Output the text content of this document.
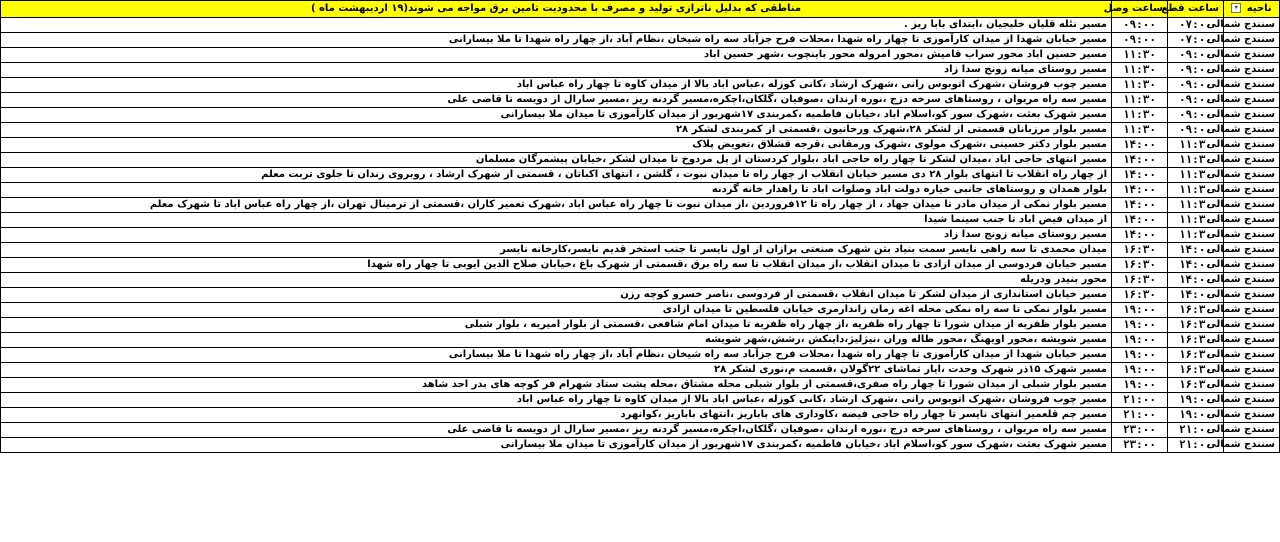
ناحیه ▾	ساعت قطع	ساعت وصل	مناطقی که بدلیل ناترازی تولید و مصرف با محدودیت تامین برق مواجه می شوند(۱۹ اردیبهشت ماه )
سنندج شمالی	۰۷:۰۰	۰۹:۰۰	مسیر نئله قلیان خلیجیان ،ابتدای بابا ریز .
سنندج شمالی	۰۷:۰۰	۰۹:۰۰	مسیر خیابان شهدا از میدان کارآموزی تا چهار راه شهدا ،محلات فرح جزآباد سه راه شیخان ،نظام آباد ،از چهار راه شهدا تا ملا بیسارانی
سنندج شمالی	۰۹:۰۰	۱۱:۳۰	مسیر حسین اباد محور سراب قامیش ،محور امروله محور باینچوب ،شهر حسین اباد
سنندج شمالی	۰۹:۰۰	۱۱:۳۰	مسیر روستای میانه زونج سدا زاد
سنندج شمالی	۰۹:۰۰	۱۱:۳۰	مسیر چوب فروشان ،شهرک اتوبوس رانی ،شهرک ارشاد ،کانی کوزله ،عباس اباد بالا از میدان کاوه تا چهار راه عباس اباد
سنندج شمالی	۰۹:۰۰	۱۱:۳۰	مسیر سه راه مریوان ، روستاهای سرخه دزج ،نوره ارندان ،صوفیان ،گلکان،اچکره،مسیر گردنه ریز ،مسیر سارال از دویسه تا قاضی علی
سنندج شمالی	۰۹:۰۰	۱۱:۳۰	مسیر شهرک بعثت ،شهرک سور کو،اسلام اباد ،خیابان فاطمیه ،کمربندی ۱۷شهریور از میدان کارآموزی تا میدان ملا بیسارانی
سنندج شمالی	۰۹:۰۰	۱۱:۳۰	مسیر بلوار مرزبانان قسمتی از لشکر ۲۸،شهرک ورحانیون ،قسمتی از کمربندی لشکر ۲۸
سنندج شمالی	۱۱:۳۰	۱۴:۰۰	مسیر بلوار دکتر حسینی ،شهرک مولوی ،شهرک ورمقانی ،قرجه قشلاق ،تعویض پلاک
سنندج شمالی	۱۱:۳۰	۱۴:۰۰	مسیر انتهای حاجی اباد ،میدان لشکر تا چهار راه حاجی اباد ،بلوار کردستان از پل مردوخ تا میدان لشکر ،خیابان پیشمرگان مسلمان
سنندج شمالی	۱۱:۳۰	۱۴:۰۰	از چهار راه انقلاب تا انتهای بلوار ۲۸ دی مسیر خیابان انقلاب از چهار راه تا میدان نبوت ، گلشن ، انتهای اکباتان ، قسمتی از شهرک ارشاد ، روبروی زندان تا جلوی تربت معلم
سنندج شمالی	۱۱:۳۰	۱۴:۰۰	بلوار همدان و روستاهای جانبی خیاره دولت اباد وصلوات اباد تا راهدار خانه گردنه
سنندج شمالی	۱۱:۳۰	۱۴:۰۰	مسیر بلوار نمکی از میدان مادر تا میدان جهاد ، از چهار راه تا ۱۲فروردین ،از میدان نبوت تا چهار راه عباس اباد ،شهرک تعمیر کاران ،قسمتی از ترمینال تهران ،از چهار راه عباس اباد تا شهرک معلم
سنندج شمالی	۱۱:۳۰	۱۴:۰۰	از میدان فیض اباد تا جنب سینما شیدا
سنندج شمالی	۱۱:۳۰	۱۴:۰۰	مسیر روستای میانه زونج سدا زاد
سنندج شمالی	۱۴:۰۰	۱۶:۳۰	میدان محمدی تا سه راهی نایسر سمت بنیاد بتن شهرک صنعتی برازان از اول نایسر تا جنب استخر قدیم نایسر،کارخانه نایسر
سنندج شمالی	۱۴:۰۰	۱۶:۳۰	مسیر خیابان فردوسی از میدان ازادی تا میدان انقلاب ،از میدان انقلاب تا سه راه برق ،قسمتی از شهرک باغ ،خیابان صلاح الدین ایوبی تا چهار راه شهدا
سنندج شمالی	۱۴:۰۰	۱۶:۳۰	محور بنیدر ودریله
سنندج شمالی	۱۴:۰۰	۱۶:۳۰	مسیر خیابان استانداری از میدان لشکر تا میدان انقلاب ،قسمتی از فردوسی ،ناصر خسرو کوچه رزن
سنندج شمالی	۱۶:۳۰	۱۹:۰۰	مسیر بلوار نمکی تا سه راه نمکی محله اغه زمان زاندارمری خیابان فلسطین تا میدان ازادی
سنندج شمالی	۱۶:۳۰	۱۹:۰۰	مسیر بلوار ظفریه از میدان شورا تا چهار راه ظفریه ،از چهار راه ظفریه تا میدان امام شافعی ،قسمتی از بلوار امیریه ، بلوار شبلی
سنندج شمالی	۱۶:۳۰	۱۹:۰۰	مسیر شویشه ،محور اویهنگ ،محور طاله وران ،نیژلیژ،داینکش ،رشش،شهر شویشه
سنندج شمالی	۱۶:۳۰	۱۹:۰۰	مسیر خیابان شهدا از میدان کارآموزی تا چهار راه شهدا ،محلات فرح جزآباد سه راه شیخان ،نظام آباد ،از چهار راه شهدا تا ملا بیسارانی
سنندج شمالی	۱۶:۳۰	۱۹:۰۰	مسیر شهرک ۱۵ذر شهرک وحدت ،ایار تماشای ۲۲گولان ،قسمت م،نوری لشکر ۲۸
سنندج شمالی	۱۶:۳۰	۱۹:۰۰	مسیر بلوار شبلی از میدان شورا تا چهار راه صفری،قسمتی از بلوار شبلی محله مشتاق ،محله پشت ستاد شهرام فر کوچه های بدر احد شاهد
سنندج شمالی	۱۹:۰۰	۲۱:۰۰	مسیر چوب فروشان ،شهرک اتوبوس رانی ،شهرک ارشاد ،کانی کوزله ،عباس اباد بالا از میدان کاوه تا چهار راه عباس اباد
سنندج شمالی	۱۹:۰۰	۲۱:۰۰	مسیر چم قلعمیر انتهای نایسر تا چهار راه حاجی فیضه ،کاوداری های باباریز ،انتهای باباریز ،کوانهرد
سنندج شمالی	۲۱:۰۰	۲۳:۰۰	مسیر سه راه مریوان ، روستاهای سرخه دزج ،نوره ارندان ،صوفیان ،گلکان،اچکره،مسیر گردنه ریز ،مسیر سارال از دویسه تا قاضی علی
سنندج شمالی	۲۱:۰۰	۲۳:۰۰	مسیر شهرک بعثت ،شهرک سور کو،اسلام اباد ،خیابان فاطمیه ،کمربندی ۱۷شهریور از میدان کارآموزی تا میدان ملا بیسارانی
